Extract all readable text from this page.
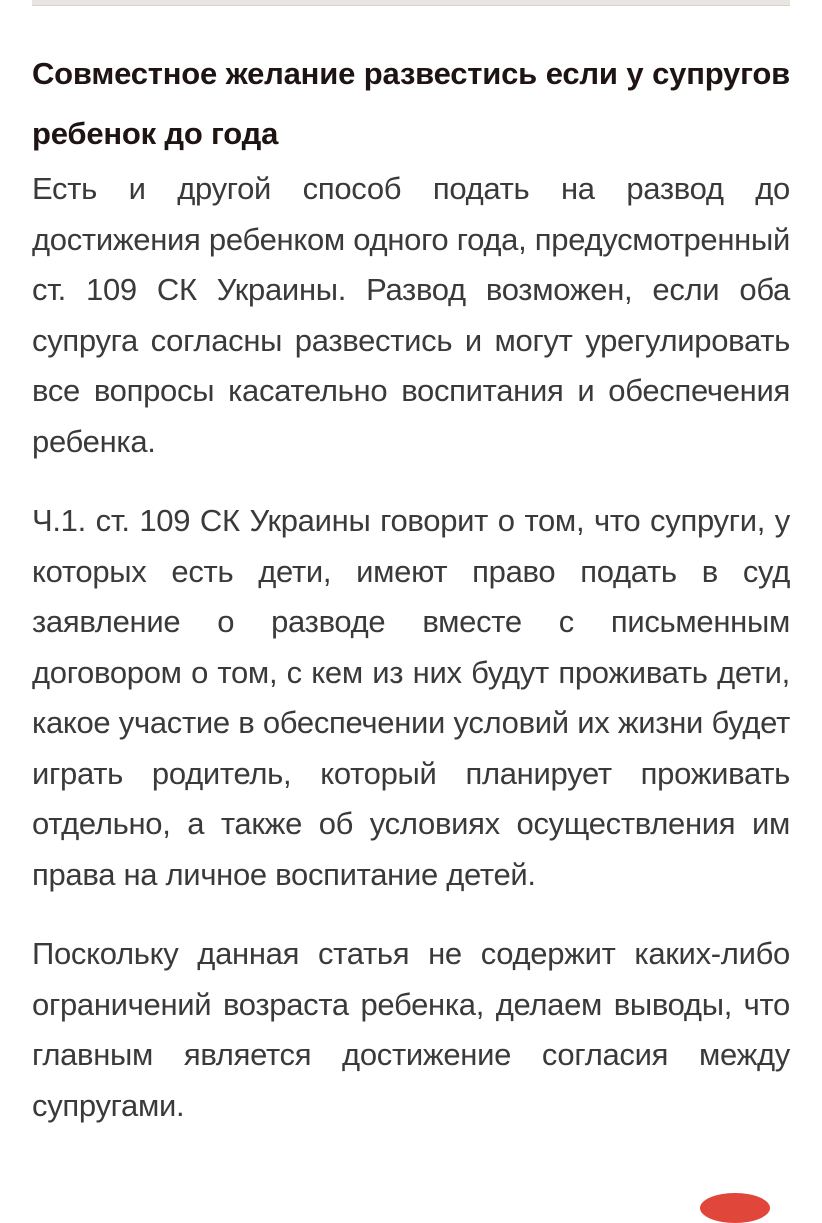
Совместное желание развестись если у супругов ребенок до года

Есть и другой способ подать на развод до достижения ребенком одного года, предусмотренный ст. 109 СК Украины. Развод возможен, если оба супруга согласны развестись и могут урегулировать все вопросы касательно воспитания и обеспечения ребенка.

Ч.1. ст. 109 СК Украины говорит о том, что супруги, у которых есть дети, имеют право подать в суд заявление о разводе вместе с письменным договором о том, с кем из них будут проживать дети, какое участие в обеспечении условий их жизни будет играть родитель, который планирует проживать отдельно, а также об условиях осуществления им права на личное воспитание детей.

Поскольку данная статья не содержит каких-либо ограничений возраста ребенка, делаем выводы, что главным является достижение согласия между супругами.
